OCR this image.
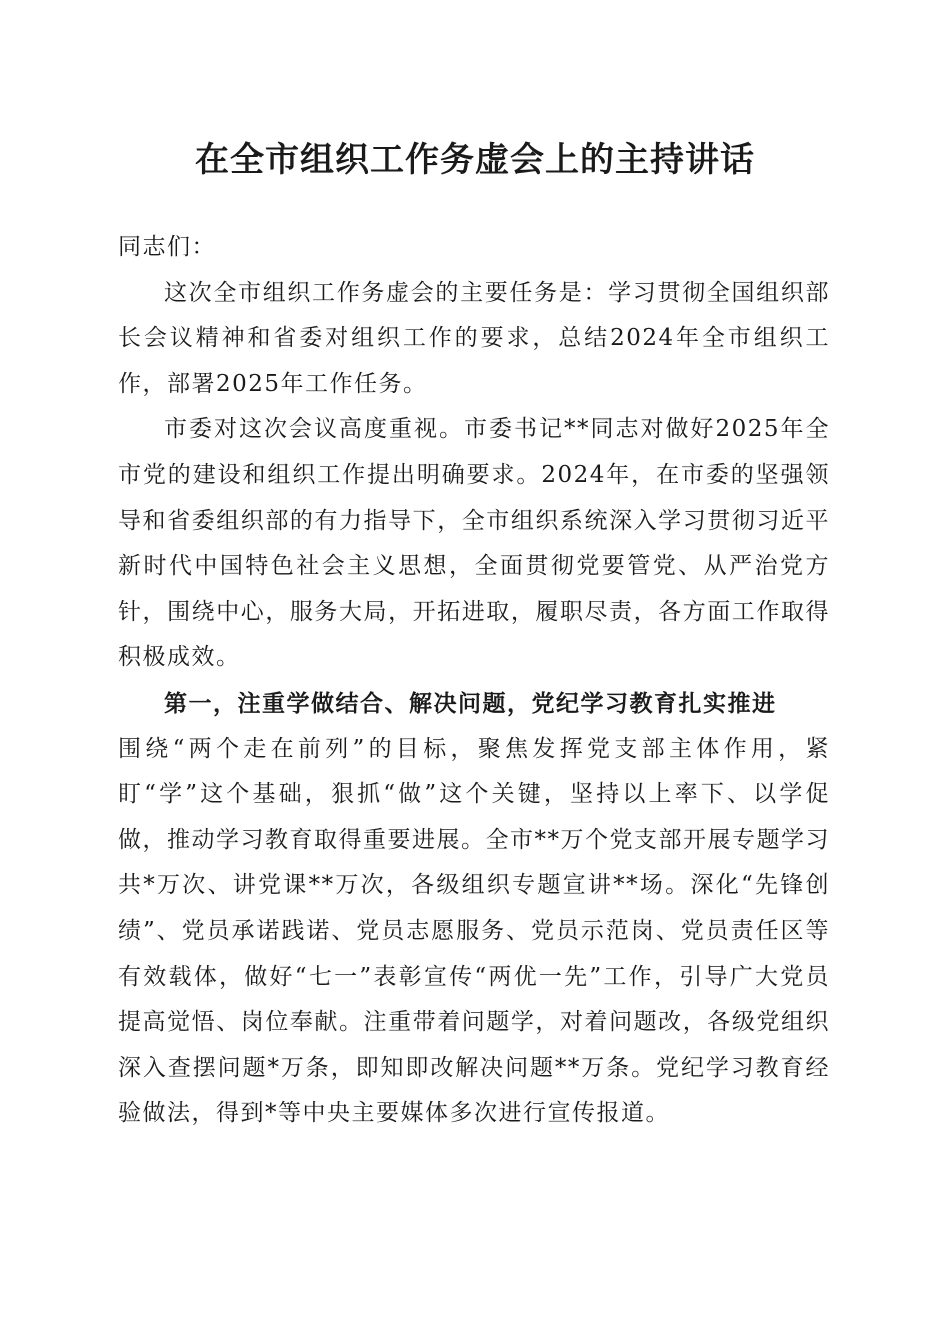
在全市组织工作务虚会上的主持讲话

同志们：

这次全市组织工作务虚会的主要任务是：学习贯彻全国组织部长会议精神和省委对组织工作的要求，总结2024年全市组织工作，部署2025年工作任务。

市委对这次会议高度重视。市委书记**同志对做好2025年全市党的建设和组织工作提出明确要求。2024年，在市委的坚强领导和省委组织部的有力指导下，全市组织系统深入学习贯彻习近平新时代中国特色社会主义思想，全面贯彻党要管党、从严治党方针，围绕中心，服务大局，开拓进取，履职尽责，各方面工作取得积极成效。

第一，注重学做结合、解决问题，党纪学习教育扎实推进
围绕“两个走在前列”的目标，聚焦发挥党支部主体作用，紧盯“学”这个基础，狠抓“做”这个关键，坚持以上率下、以学促做，推动学习教育取得重要进展。全市**万个党支部开展专题学习共*万次、讲党课**万次，各级组织专题宣讲**场。深化“先锋创绩”、党员承诺践诺、党员志愿服务、党员示范岗、党员责任区等有效载体，做好“七一”表彰宣传“两优一先”工作，引导广大党员提高觉悟、岗位奉献。注重带着问题学，对着问题改，各级党组织深入查摆问题*万条，即知即改解决问题**万条。党纪学习教育经验做法，得到*等中央主要媒体多次进行宣传报道。
